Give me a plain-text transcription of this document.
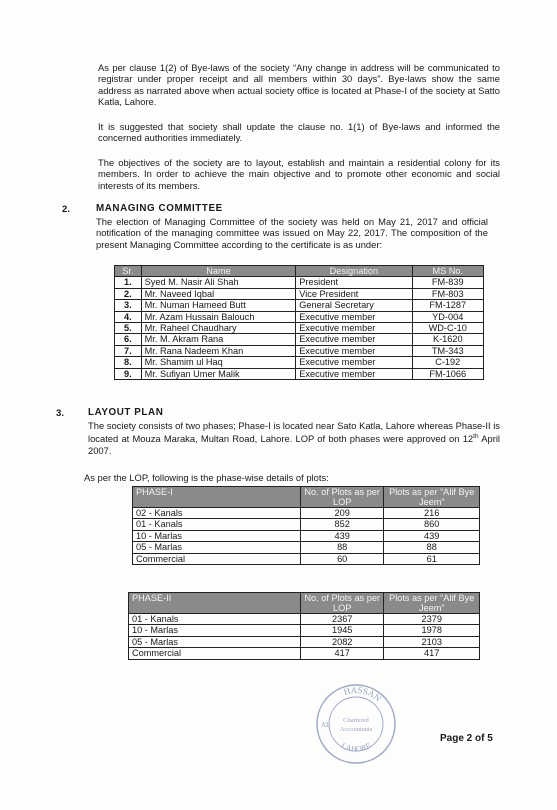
As per clause 1(2) of Bye-laws of the society “Any change in address will be communicated to registrar under proper receipt and all members within 30 days”. Bye-laws show the same address as narrated above when actual society office is located at Phase-I of the society at Satto Katla, Lahore.

It is suggested that society shall update the clause no. 1(1) of Bye-laws and informed the concerned authorities immediately.

The objectives of the society are to layout, establish and maintain a residential colony for its members. In order to achieve the main objective and to promote other economic and social interests of its members.

2.	MANAGING COMMITTEE

The election of Managing Committee of the society was held on May 21, 2017 and official notification of the managing committee was issued on May 22, 2017. The composition of the present Managing Committee according to the certificate is as under:

Sr.	Name	Designation	MS No.
1.	Syed M. Nasir Ali Shah	President	FM-839
2.	Mr. Naveed Iqbal	Vice President	FM-803
3.	Mr. Numan Hameed Butt	General Secretary	FM-1287
4.	Mr. Azam Hussain Balouch	Executive member	YD-004
5.	Mr. Raheel Chaudhary	Executive member	WD-C-10
6.	Mr. M. Akram Rana	Executive member	K-1620
7.	Mr. Rana Nadeem Khan	Executive member	TM-343
8.	Mr. Shamim ul Haq	Executive member	C-192
9.	Mr. Sufiyan Umer Malik	Executive member	FM-1066
3. LAYOUT PLAN

The society consists of two phases; Phase-I is located near Sato Katla, Lahore whereas Phase-II is located at Mouza Maraka, Multan Road, Lahore. LOP of both phases were approved on 12th April 2007.

As per the LOP, following is the phase-wise details of plots:
PHASE-I	No. of Plots as per LOP	Plots as per “Alif Bye Jeem”
02 - Kanals	209	216
01 - Kanals	852	860
10 - Marlas	439	439
05 - Marlas	88	88
Commercial	60	61
PHASE-II	No. of Plots as per LOP	Plots as per “Alif Bye Jeem”
01 - Kanals	2367	2379
10 - Marlas	1945	1978
05 - Marlas	2082	2103
Commercial	417	417
HASSAN
AL
Chartered
Accountants
LAHORE
Page 2 of 5
